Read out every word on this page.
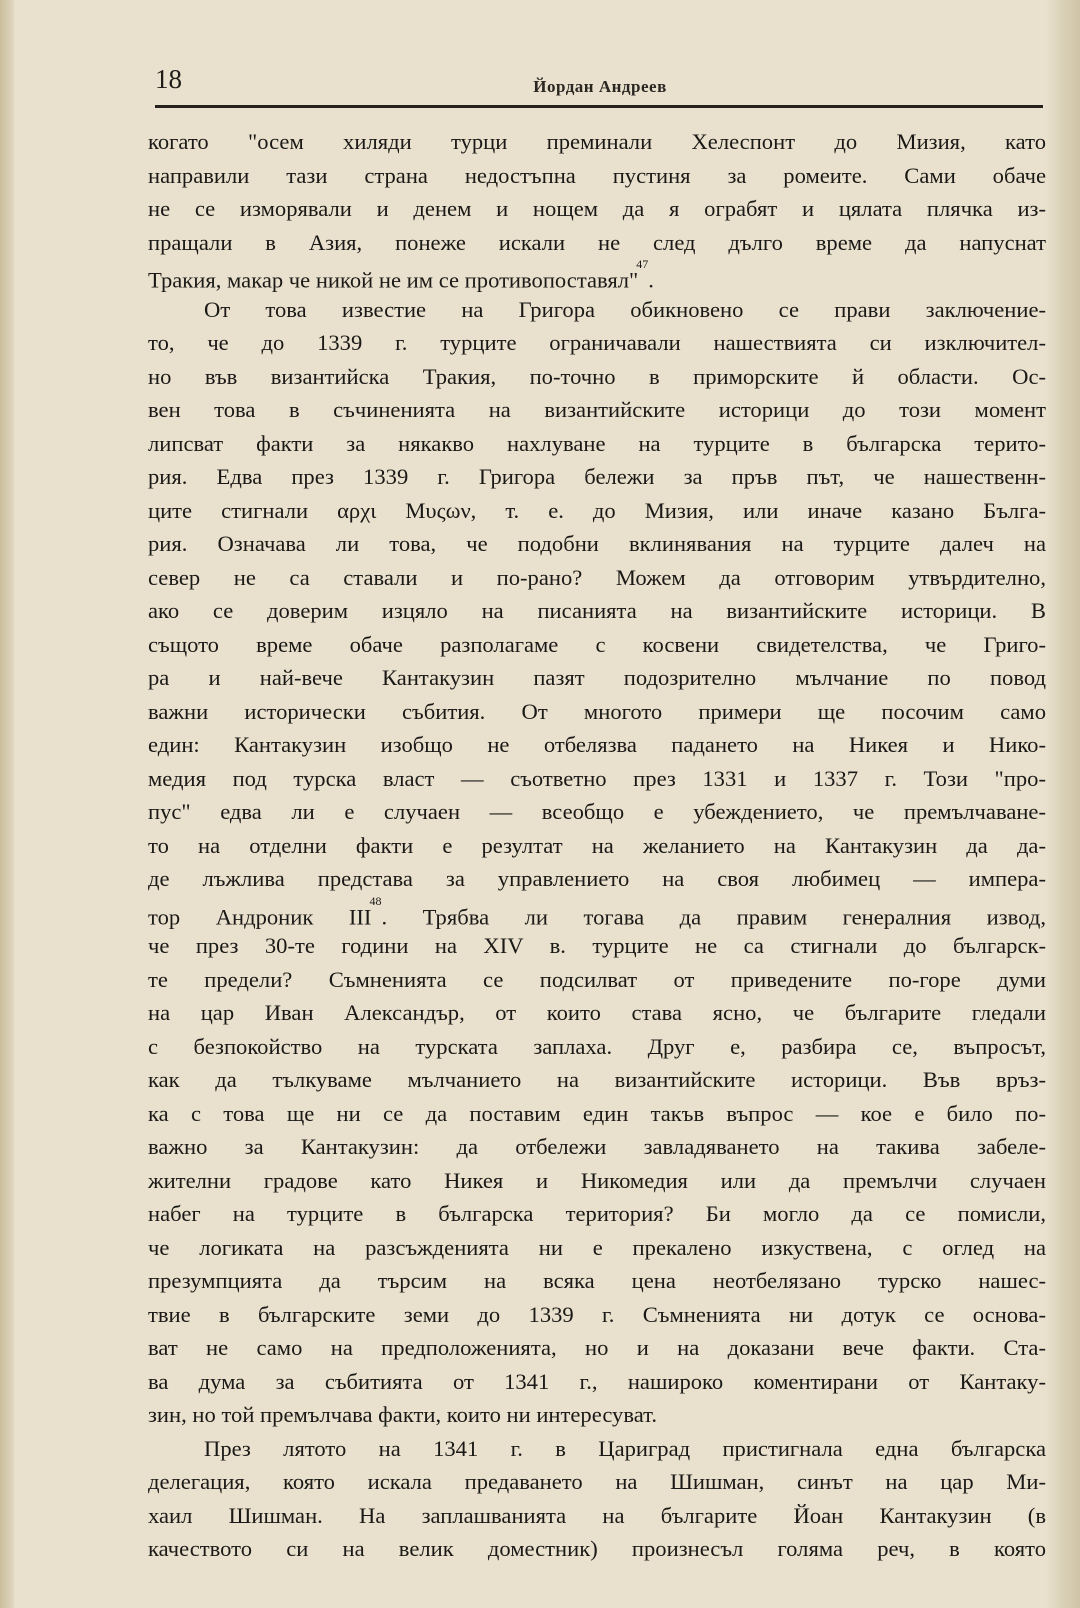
18	Йордан Андреев
когато "осем хиляди турци преминали Хелеспонт до Мизия, като
направили тази страна недостъпна пустиня за ромеите. Сами обаче
не се изморявали и денем и нощем да я ограбят и цялата плячка из-
пращали в Азия, понеже искали не след дълго време да напуснат
Тракия, макар че никой не им се противопоставял"$^{47}$.
От това известие на Григора обикновено се прави заключение-
то, че до 1339 г. турците ограничавали нашествията си изключител-
но във византийска Тракия, по-точно в приморските й области. Ос-
вен това в съчиненията на византийските историци до този момент
липсват факти за някакво нахлуване на турците в българска терито-
рия. Едва през 1339 г. Григора бележи за пръв път, че нашественн-
ците стигнали αρχι Μυςων, т. е. до Мизия, или иначе казано Бълга-
рия. Означава ли това, че подобни вклинявания на турците далеч на
север не са ставали и по-рано? Можем да отговорим утвърдително,
ако се доверим изцяло на писанията на византийските историци. В
същото време обаче разполагаме с косвени свидетелства, че Григо-
ра и най-вече Кантакузин пазят подозрително мълчание по повод
важни исторически събития. От многото примери ще посочим само
един: Кантакузин изобщо не отбелязва падането на Никея и Нико-
медия под турска власт — съответно през 1331 и 1337 г. Този "про-
пус" едва ли е случаен — всеобщо е убеждението, че премълчаване-
то на отделни факти е резултат на желанието на Кантакузин да да-
де лъжлива представа за управлението на своя любимец — импера-
тор Андроник III$^{48}$. Трябва ли тогава да правим генералния извод,
че през 30-те години на XIV в. турците не са стигнали до българск-
те предели? Съмненията се подсилват от приведените по-горе думи
на цар Иван Александър, от които става ясно, че българите гледали
с безпокойство на турската заплаха. Друг е, разбира се, въпросът,
как да тълкуваме мълчанието на византийските историци. Във връз-
ка с това ще ни се да поставим един такъв въпрос — кое е било по-
важно за Кантакузин: да отбележи завладяването на такива забеле-
жителни градове като Никея и Никомедия или да премълчи случаен
набег на турците в българска територия? Би могло да се помисли,
че логиката на разсъжденията ни е прекалено изкуствена, с оглед на
презумпцията да търсим на всяка цена неотбелязано турско нашес-
твие в българските земи до 1339 г. Съмненията ни дотук се основа-
ват не само на предположенията, но и на доказани вече факти. Ста-
ва дума за събитията от 1341 г., нашироко коментирани от Кантаку-
зин, но той премълчава факти, които ни интересуват.
През лятото на 1341 г. в Цариград пристигнала една българска
делегация, която искала предаването на Шишман, синът на цар Ми-
хаил Шишман. На заплашванията на българите Йоан Кантакузин (в
качеството си на велик доместник) произнесъл голяма реч, в която
